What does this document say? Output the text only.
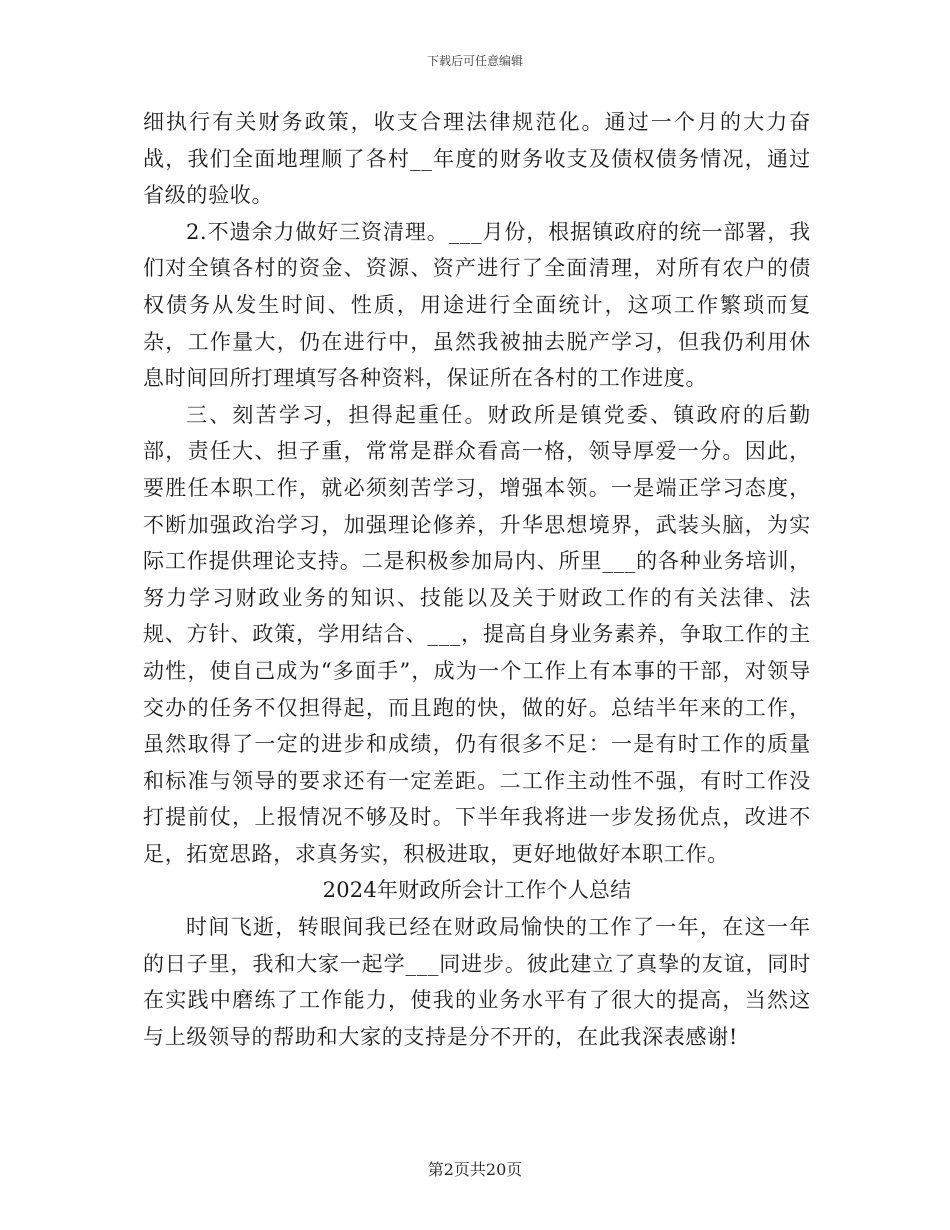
下载后可任意编辑

细执行有关财务政策，收支合理法律规范化。通过一个月的大力奋战，我们全面地理顺了各村__年度的财务收支及债权债务情况，通过省级的验收。

2.不遗余力做好三资清理。___月份，根据镇政府的统一部署，我们对全镇各村的资金、资源、资产进行了全面清理，对所有农户的债权债务从发生时间、性质，用途进行全面统计，这项工作繁琐而复杂，工作量大，仍在进行中，虽然我被抽去脱产学习，但我仍利用休息时间回所打理填写各种资料，保证所在各村的工作进度。

三、刻苦学习，担得起重任。财政所是镇党委、镇政府的后勤部，责任大、担子重，常常是群众看高一格，领导厚爱一分。因此，要胜任本职工作，就必须刻苦学习，增强本领。一是端正学习态度，不断加强政治学习，加强理论修养，升华思想境界，武装头脑，为实际工作提供理论支持。二是积极参加局内、所里___的各种业务培训，努力学习财政业务的知识、技能以及关于财政工作的有关法律、法规、方针、政策，学用结合、___，提高自身业务素养，争取工作的主动性，使自己成为“多面手”，成为一个工作上有本事的干部，对领导交办的任务不仅担得起，而且跑的快，做的好。总结半年来的工作，虽然取得了一定的进步和成绩，仍有很多不足：一是有时工作的质量和标准与领导的要求还有一定差距。二工作主动性不强，有时工作没打提前仗，上报情况不够及时。下半年我将进一步发扬优点，改进不足，拓宽思路，求真务实，积极进取，更好地做好本职工作。

2024年财政所会计工作个人总结

时间飞逝，转眼间我已经在财政局愉快的工作了一年，在这一年的日子里，我和大家一起学___同进步。彼此建立了真挚的友谊，同时在实践中磨练了工作能力，使我的业务水平有了很大的提高，当然这与上级领导的帮助和大家的支持是分不开的，在此我深表感谢!

第2页共20页
